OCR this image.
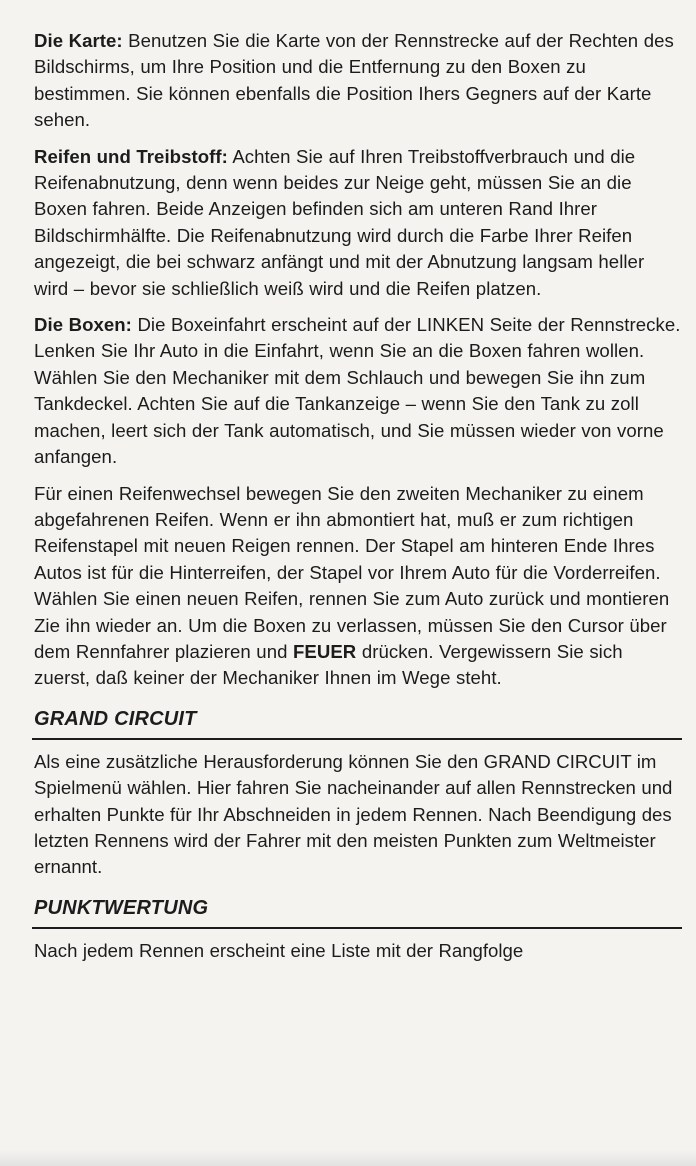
Die Karte: Benutzen Sie die Karte von der Rennstrecke auf der Rechten des Bildschirms, um Ihre Position und die Entfernung zu den Boxen zu bestimmen. Sie können ebenfalls die Position Ihers Gegners auf der Karte sehen.

Reifen und Treibstoff: Achten Sie auf Ihren Treibstoffverbrauch und die Reifenabnutzung, denn wenn beides zur Neige geht, müssen Sie an die Boxen fahren. Beide Anzeigen befinden sich am unteren Rand Ihrer Bildschirmhälfte. Die Reifenabnutzung wird durch die Farbe Ihrer Reifen angezeigt, die bei schwarz anfängt und mit der Abnutzung langsam heller wird – bevor sie schließlich weiß wird und die Reifen platzen.

Die Boxen: Die Boxeinfahrt erscheint auf der LINKEN Seite der Rennstrecke. Lenken Sie Ihr Auto in die Einfahrt, wenn Sie an die Boxen fahren wollen. Wählen Sie den Mechaniker mit dem Schlauch und bewegen Sie ihn zum Tankdeckel. Achten Sie auf die Tankanzeige – wenn Sie den Tank zu zoll machen, leert sich der Tank automatisch, und Sie müssen wieder von vorne anfangen.

Für einen Reifenwechsel bewegen Sie den zweiten Mechaniker zu einem abgefahrenen Reifen. Wenn er ihn abmontiert hat, muß er zum richtigen Reifenstapel mit neuen Reigen rennen. Der Stapel am hinteren Ende Ihres Autos ist für die Hinterreifen, der Stapel vor Ihrem Auto für die Vorderreifen. Wählen Sie einen neuen Reifen, rennen Sie zum Auto zurück und montieren Zie ihn wieder an. Um die Boxen zu verlassen, müssen Sie den Cursor über dem Rennfahrer plazieren und FEUER drücken. Vergewissern Sie sich zuerst, daß keiner der Mechaniker Ihnen im Wege steht.

GRAND CIRCUIT

Als eine zusätzliche Herausforderung können Sie den GRAND CIRCUIT im Spielmenü wählen. Hier fahren Sie nacheinander auf allen Rennstrecken und erhalten Punkte für Ihr Abschneiden in jedem Rennen. Nach Beendigung des letzten Rennens wird der Fahrer mit den meisten Punkten zum Weltmeister ernannt.

PUNKTWERTUNG

Nach jedem Rennen erscheint eine Liste mit der Rangfolge
